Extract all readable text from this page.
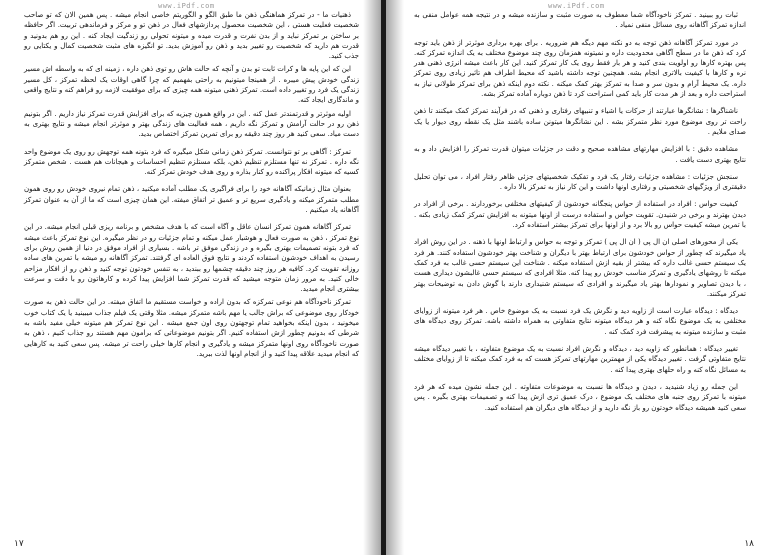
www.iPdf.com

ذهنیات ما - در تمرکز هماهنگی ذهن ما طبق الگو و الگوریتم خاصی انجام میشه . پس همین الان که تو صاحب شخصیت فعلیت هستی ، این شخصیت محصول پردازشهای فعال در ذهن تو و مرکز و فرماندهی تربیت. اگر حافظه بر ساختن بر تمرکز نباید و از بدن نفرت و قدرت میده و میتونه تحولی رو زندگیت ایجاد کنه . این رو هم بدونید و قدرت هم دارید که شخصیت رو تغییر بدید و ذهن رو آموزش بدید. تو انگیزه های مثبت شخصیت کمال و یکتایی رو جذب کنید.

این که این پایه ها و کرات ثابت تو بدن و آنچه که حالت هاش رو توی ذهن داره ، زمینه ای که به واسطه اش مسیر زندگی خودش پیش میبره . از همینجا میتونیم به راحتی بفهمیم که چرا گاهی اوقات یک لحظه تمرکز ، کل مسیر زندگی یک فرد رو تغییر داده است. تمرکز ذهنی میتونه همه چیزی که برای موفقیت لازمه رو فراهم کنه و نتایج واقعی و ماندگاری ایجاد کنه.

اولیه موثرتر و قدرتمندتر عمل کنه . این در واقع همون چیزیه که برای افزایش قدرت تمرکز نیاز داریم . اگر بتونیم ذهن رو در حالت آرامش و تمرکز نگه داریم ، همه فعالیت های زندگی بهتر و موثرتر انجام میشه و نتایج بهتری به دست میاد. سعی کنید هر روز چند دقیقه رو برای تمرین تمرکز اختصاص بدید.

تمرکز : آگاهی بر تو نتوانست. تمرکز ذهن زمانی شکل میگیره که فرد بتونه همه توجهش رو روی یک موضوع واحد نگه داره . تمرکز نه تنها مستلزم تنظیم ذهن، بلکه مستلزم تنظیم احساسات و هیجانات هم هست . شخص متمرکز کسیه که میتونه افکار پراکنده رو کنار بذاره و روی هدف خودش تمرکز کنه.

بعنوان مثال زمانیکه آگاهانه خود را برای فراگیری یک مطلب آماده میکنید ، ذهن تمام نیروی خودش رو روی همون مطلب متمرکز میکنه و یادگیری سریع تر و عمیق تر اتفاق میفته. این همان چیزی است که ما از آن به عنوان تمرکز آگاهانه یاد میکنیم .

تمرکز آگاهانه همون تمرکز انسان عاقل و آگاه است که با هدف مشخص و برنامه ریزی قبلی انجام میشه. در این نوع تمرکز ، ذهن به صورت فعال و هوشیار عمل میکنه و تمام جزئیات رو در نظر میگیره. این نوع تمرکز باعث میشه که فرد بتونه تصمیمات بهتری بگیره و در زندگی موفق تر باشه . بسیاری از افراد موفق در دنیا از همین روش برای رسیدن به اهداف خودشون استفاده کردند و نتایج فوق العاده ای گرفتند. تمرکز آگاهانه رو میشه با تمرین های ساده روزانه تقویت کرد. کافیه هر روز چند دقیقه چشمها رو ببندید ، به تنفس خودتون توجه کنید و ذهن رو از افکار مزاحم خالی کنید. به مرور زمان متوجه میشید که قدرت تمرکز شما افزایش پیدا کرده و کارهاتون رو با دقت و سرعت بیشتری انجام میدید.

تمرکز ناخودآگاه هم نوعی تمرکزه که بدون اراده و خواست مستقیم ما اتفاق میفته. در این حالت ذهن به صورت خودکار روی موضوعی که براش جالب یا مهم باشه متمرکز میشه. مثلا وقتی یک فیلم جذاب میبینید یا یک کتاب خوب میخونید ، بدون اینکه بخواهید تمام توجهتون روی اون جمع میشه . این نوع تمرکز هم میتونه خیلی مفید باشه به شرطی که بدونیم چطور ازش استفاده کنیم. اگر بتونیم موضوعاتی که برامون مهم هستند رو جذاب کنیم ، ذهن به صورت ناخودآگاه روی اونها متمرکز میشه و یادگیری و انجام کارها خیلی راحت تر میشه. پس سعی کنید به کارهایی که انجام میدید علاقه پیدا کنید و از انجام اونها لذت ببرید.

۱۷
www.iPdf.com

ثبات رو ببینید . تمرکز ناخودآگاه شما معطوف به صورت مثبت و سازنده میشه و در نتیجه همه عوامل منفی به اندازه تمرکز آگاهانه روی مسائل منفی نمیاد .

در مورد تمرکز آگاهانه ذهن توجه به دو نکته مهم دیگه هم ضروریه . برای بهره برداری موثرتر از ذهن باید توجه کرد که ذهن ما در سطح آگاهی محدودیت داره و نمیتونه همزمان روی چند موضوع مختلف به یک اندازه تمرکز کنه. پس بهتره کارها رو اولویت بندی کنید و هر بار فقط روی یک کار تمرکز کنید. این کار باعث میشه انرژی ذهنی هدر نره و کارها با کیفیت بالاتری انجام بشه. همچنین توجه داشته باشید که محیط اطراف هم تاثیر زیادی روی تمرکز داره. یک محیط آرام و بدون سر و صدا به تمرکز بهتر کمک میکنه . نکته دوم اینکه ذهن برای تمرکز طولانی نیاز به استراحت داره و بعد از هر مدت کار باید کمی استراحت کرد تا ذهن دوباره آماده تمرکز بشه.

ناشناگرها : نشانگرها عبارتند از حرکات یا اشیاء و تنبیهای رفتاری و ذهنی که در فرآیند تمرکز کمک میکنند تا ذهن راحت تر روی موضوع مورد نظر متمرکز بشه . این نشانگرها میتونن ساده باشند مثل یک نقطه روی دیوار یا یک صدای ملایم .

مشاهده دقیق : با افزایش مهارتهای مشاهده صحیح و دقت در جزئیات میتوان قدرت تمرکز را افزایش داد و به نتایج بهتری دست یافت .

سنجش جزئیات : مشاهده جزئیات رفتار یک فرد و تفکیک شخصیتهای جزئی ظاهر رفتار افراد ، می توان تحلیل دقیقتری از ویژگیهای شخصیتی و رفتاری اونها داشت و این کار نیاز به تمرکز بالا داره .

کیفیت حواس : افراد در استفاده از حواس پنجگانه خودشون از کیفیتهای مختلفی برخوردارند . برخی از افراد در دیدن بهترند و برخی در شنیدن. تقویت حواس و استفاده درست از اونها میتونه به افزایش تمرکز کمک زیادی بکنه . با تمرین میشه کیفیت حواس رو بالا برد و از اونها برای تمرکز بیشتر استفاده کرد.

یکی از محورهای اصلی ان ال پی ( ان ال پی ) تمرکز و توجه به حواس و ارتباط اونها با ذهنه . در این روش افراد یاد میگیرند که چطور از حواس خودشون برای ارتباط بهتر با دیگران و شناخت بهتر خودشون استفاده کنند. هر فرد یک سیستم حسی غالب داره که بیشتر از بقیه ازش استفاده میکنه . شناخت این سیستم حسی غالب به فرد کمک میکنه تا روشهای یادگیری و تمرکز مناسب خودش رو پیدا کنه. مثلا افرادی که سیستم حسی غالبشون دیداری هست ، با دیدن تصاویر و نمودارها بهتر یاد میگیرند و افرادی که سیستم شنیداری دارند با گوش دادن به توضیحات بهتر تمرکز میکنند.

دیدگاه : دیدگاه عبارت است از زاویه دید و نگرش یک فرد نسبت به یک موضوع خاص . هر فرد میتونه از زوایای مختلفی به یک موضوع نگاه کنه و هر دیدگاه میتونه نتایج متفاوتی به همراه داشته باشه. تمرکز روی دیدگاه های مثبت و سازنده میتونه به پیشرفت فرد کمک کنه .

تغییر دیدگاه : همانطور که زاویه دید ، دیدگاه و نگرش افراد نسبت به یک موضوع متفاوته ، با تغییر دیدگاه میشه نتایج متفاوتی گرفت . تغییر دیدگاه یکی از مهمترین مهارتهای تمرکز هست که به فرد کمک میکنه تا از زوایای مختلف به مسائل نگاه کنه و راه حلهای بهتری پیدا کنه .

این جمله رو زیاد شنیدید ، دیدن و دیدگاه ها نسبت به موضوعات متفاوته . این جمله نشون میده که هر فرد میتونه با تمرکز روی جنبه های مختلف یک موضوع ، درک عمیق تری ازش پیدا کنه و تصمیمات بهتری بگیره . پس سعی کنید همیشه دیدگاه خودتون رو باز نگه دارید و از دیدگاه های دیگران هم استفاده کنید.

۱۸
